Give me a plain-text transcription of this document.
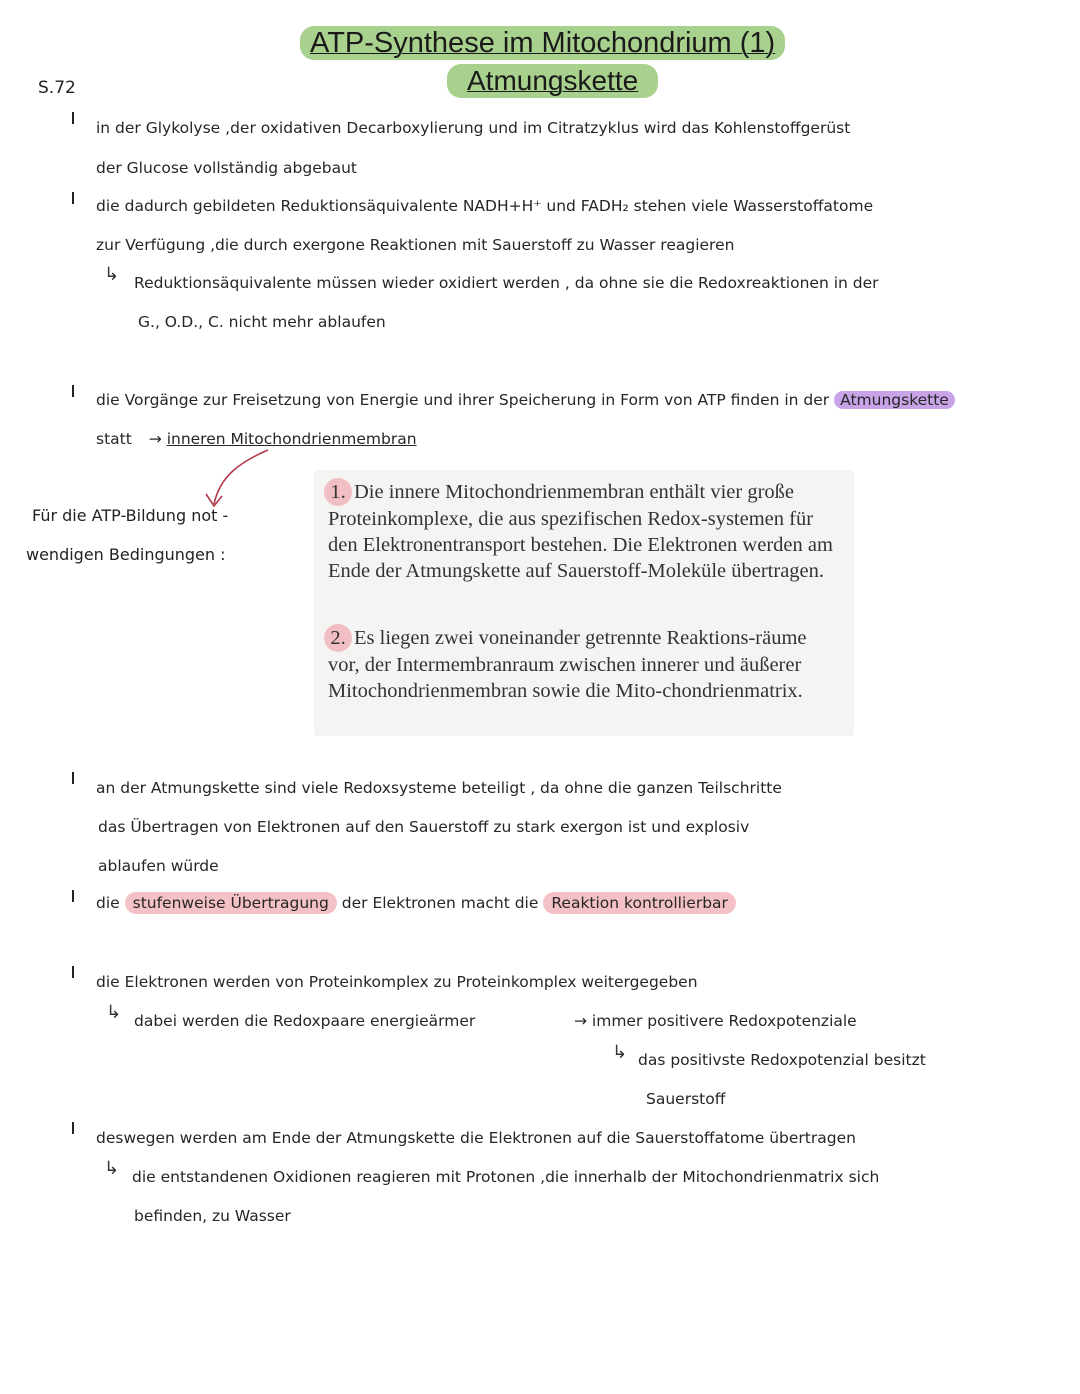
ATP-Synthese im Mitochondrium (1)
Atmungskette
S.72
in der Glykolyse ,der oxidativen Decarboxylierung und im Citratzyklus wird das Kohlenstoffgerüst
der Glucose vollständig abgebaut
die dadurch gebildeten Reduktionsäquivalente NADH+H⁺ und FADH₂ stehen viele Wasserstoffatome
zur Verfügung ,die durch exergone Reaktionen mit Sauerstoff zu Wasser reagieren
↳ Reduktionsäquivalente müssen wieder oxidiert werden , da ohne sie die Redoxreaktionen in der
G., O.D., C. nicht mehr ablaufen
die Vorgänge zur Freisetzung von Energie und ihrer Speicherung in Form von ATP finden in der Atmungskette
statt → inneren Mitochondrienmembran
Für die ATP-Bildung not -
wendigen Bedingungen :

1. Die innere Mitochondrienmembran enthält vier große Proteinkomplexe, die aus spezifischen Redox-systemen für den Elektronentransport bestehen. Die Elektronen werden am Ende der Atmungskette auf Sauerstoff-Moleküle übertragen.

2. Es liegen zwei voneinander getrennte Reaktions-räume vor, der Intermembranraum zwischen innerer und äußerer Mitochondrienmembran sowie die Mito-chondrienmatrix.

an der Atmungskette sind viele Redoxsysteme beteiligt , da ohne die ganzen Teilschritte
das Übertragen von Elektronen auf den Sauerstoff zu stark exergon ist und explosiv
ablaufen würde
die stufenweise Übertragung der Elektronen macht die Reaktion kontrollierbar
die Elektronen werden von Proteinkomplex zu Proteinkomplex weitergegeben
↳ dabei werden die Redoxpaare energieärmer	→ immer positivere Redoxpotenziale
↳ das positivste Redoxpotenzial besitzt
Sauerstoff
deswegen werden am Ende der Atmungskette die Elektronen auf die Sauerstoffatome übertragen
↳ die entstandenen Oxidionen reagieren mit Protonen ,die innerhalb der Mitochondrienmatrix sich
befinden, zu Wasser
